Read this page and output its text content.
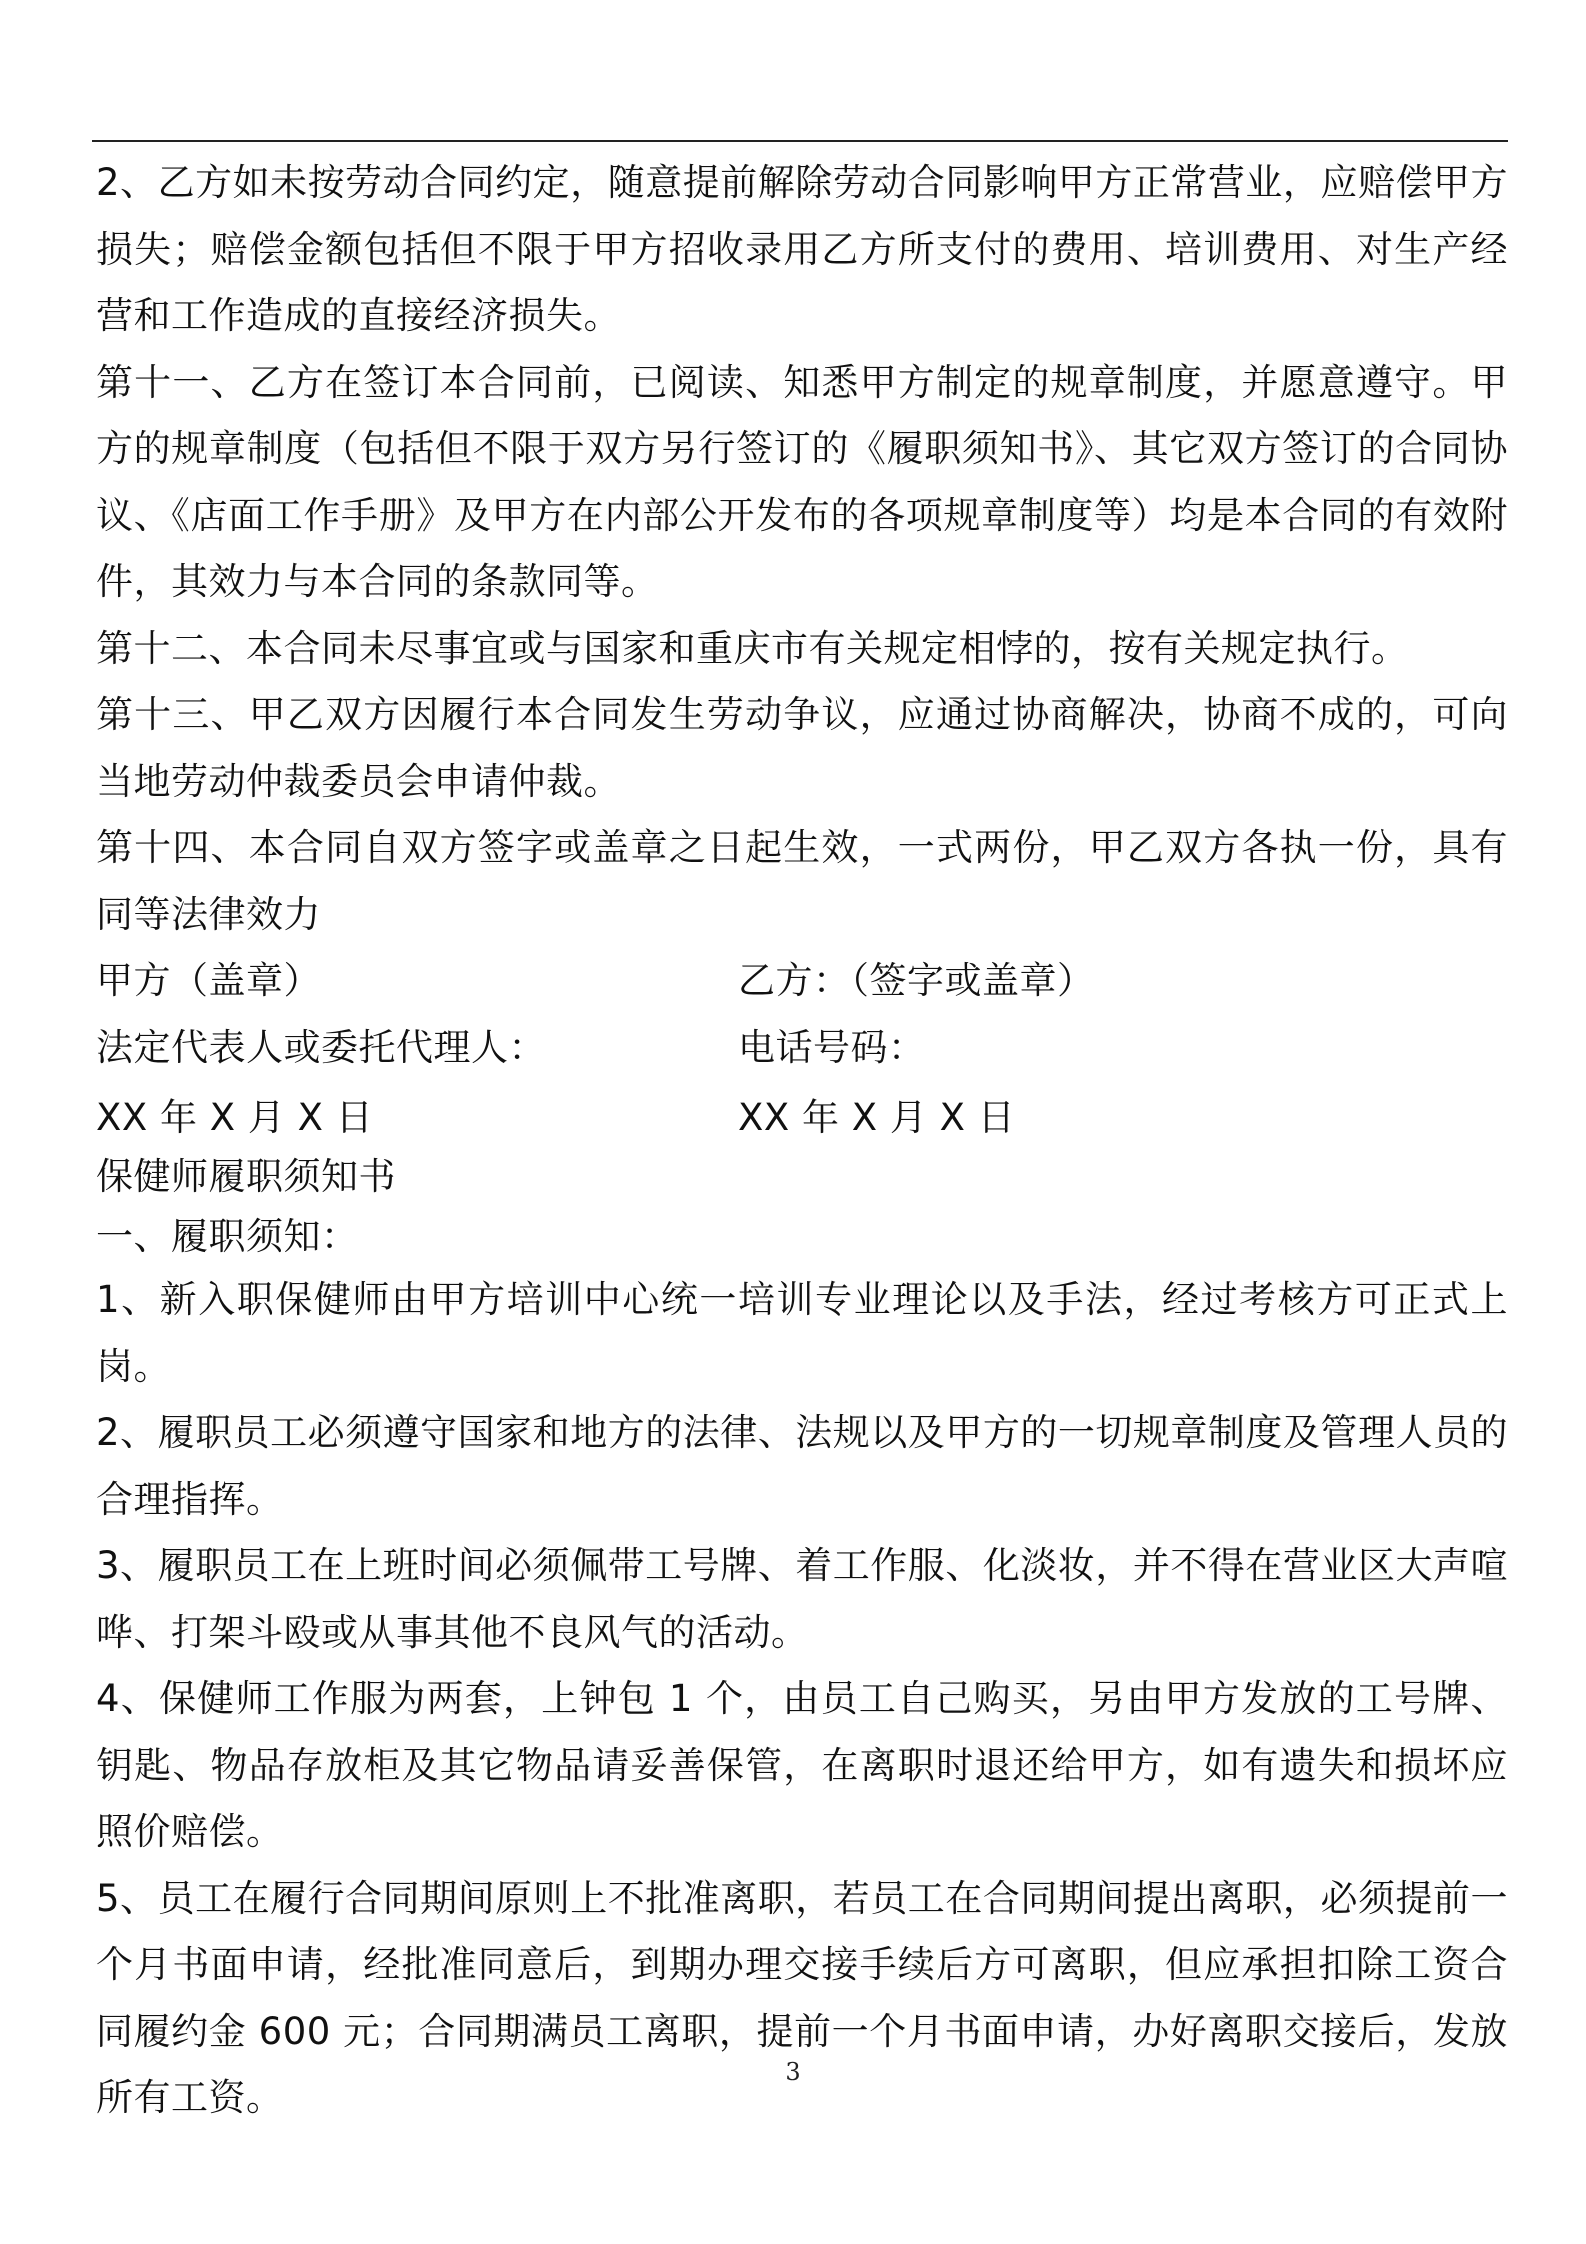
2、乙方如未按劳动合同约定，随意提前解除劳动合同影响甲方正常营业，应赔偿甲方损失；赔偿金额包括但不限于甲方招收录用乙方所支付的费用、培训费用、对生产经营和工作造成的直接经济损失。

第十一、乙方在签订本合同前，已阅读、知悉甲方制定的规章制度，并愿意遵守。甲方的规章制度（包括但不限于双方另行签订的《履职须知书》、其它双方签订的合同协议、《店面工作手册》及甲方在内部公开发布的各项规章制度等）均是本合同的有效附件，其效力与本合同的条款同等。

第十二、本合同未尽事宜或与国家和重庆市有关规定相悖的，按有关规定执行。

第十三、甲乙双方因履行本合同发生劳动争议，应通过协商解决，协商不成的，可向当地劳动仲裁委员会申请仲裁。

第十四、本合同自双方签字或盖章之日起生效，一式两份，甲乙双方各执一份，具有同等法律效力

甲方（盖章）	乙方：（签字或盖章）
法定代表人或委托代理人：	电话号码：
XX 年 X 月 X 日	XX 年 X 月 X 日

保健师履职须知书

一、履职须知：

1、新入职保健师由甲方培训中心统一培训专业理论以及手法，经过考核方可正式上岗。

2、履职员工必须遵守国家和地方的法律、法规以及甲方的一切规章制度及管理人员的合理指挥。

3、履职员工在上班时间必须佩带工号牌、着工作服、化淡妆，并不得在营业区大声喧哗、打架斗殴或从事其他不良风气的活动。

4、保健师工作服为两套，上钟包 1 个，由员工自己购买，另由甲方发放的工号牌、钥匙、物品存放柜及其它物品请妥善保管，在离职时退还给甲方，如有遗失和损坏应照价赔偿。

5、员工在履行合同期间原则上不批准离职，若员工在合同期间提出离职，必须提前一个月书面申请，经批准同意后，到期办理交接手续后方可离职，但应承担扣除工资合同履约金 600 元；合同期满员工离职，提前一个月书面申请，办好离职交接后，发放所有工资。

3
